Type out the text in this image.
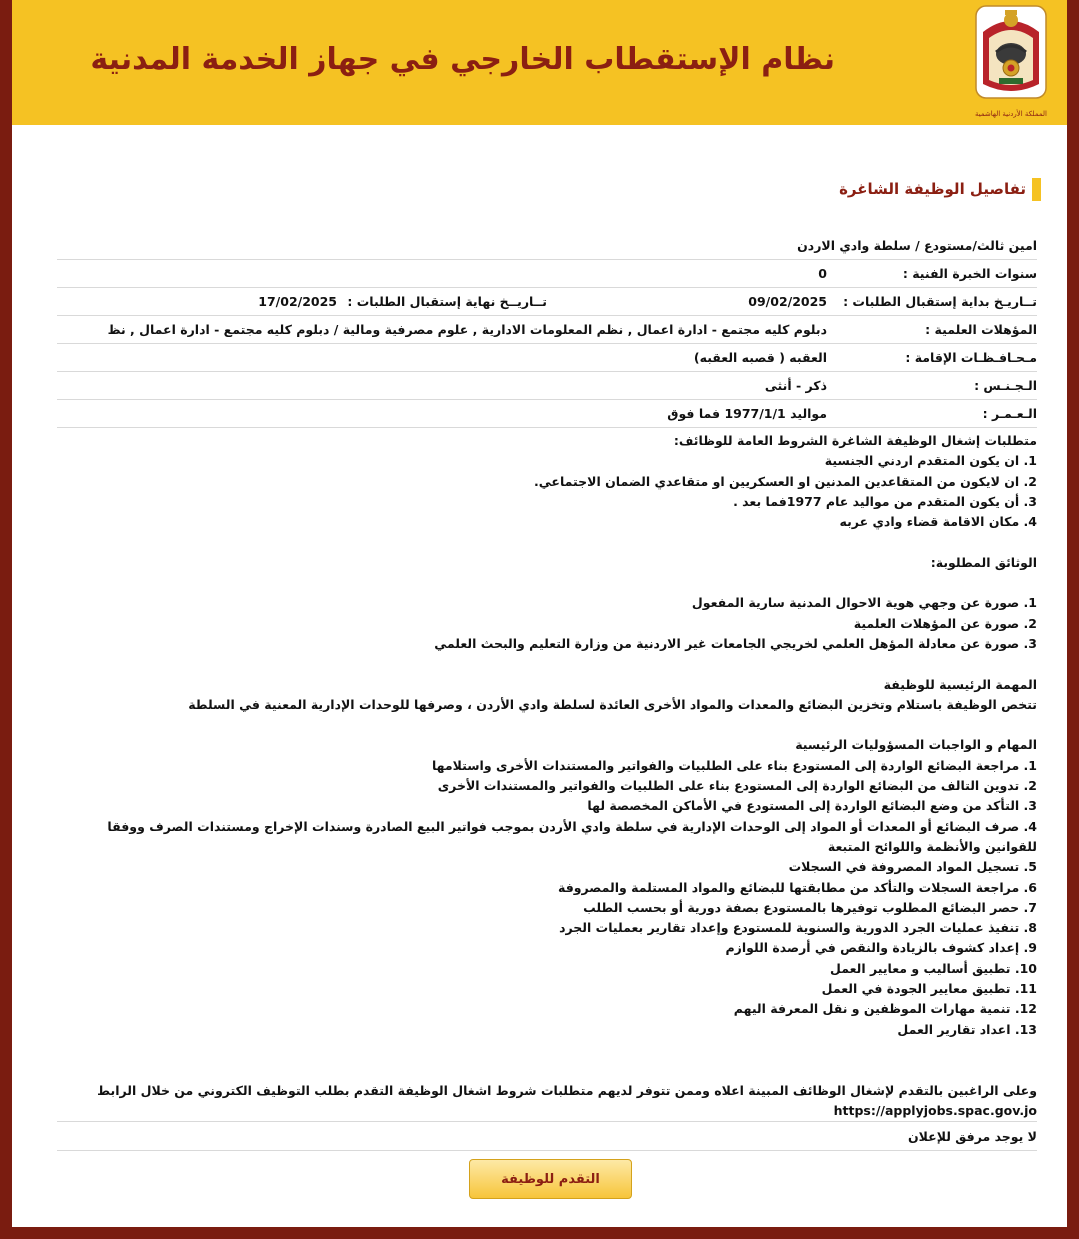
نظام الإستقطاب الخارجي في جهاز الخدمة المدنية
المملكة الأردنية الهاشمية
تفاصيل الوظيفة الشاغرة
امين ثالث/مستودع / سلطة وادي الاردن
سنوات الخبرة الفنية :
0
تــاريـخ بداية إستقبال الطلبات :
09/02/2025
تــاريــخ نهاية إستقبال الطلبات :
17/02/2025
المؤهلات العلمية :
دبلوم كليه مجتمع - ادارة اعمال , نظم المعلومات الادارية , علوم مصرفية ومالية / دبلوم كليه مجتمع - ادارة اعمال , نظ
مـحـافـظـات الإقامة :
العقبه ( قصبه العقبه)
الـجـنـس :
ذكر - أنثى
الـعـمـر :
مواليد 1977/1/1 فما فوق
متطلبات إشغال الوظيفة الشاغرة الشروط العامة للوظائف:
1. ان يكون المتقدم اردني الجنسية
2. ان لايكون من المتقاعدين المدنين او العسكريين او متقاعدي الضمان الاجتماعي.
3. أن يكون المتقدم من مواليد عام 1977فما بعد .
4. مكان الاقامة قضاء وادي عربه
الوثائق المطلوبة:
1. صورة عن وجهي هوية الاحوال المدنية سارية المفعول
2. صورة عن المؤهلات العلمية
3. صورة عن معادلة المؤهل العلمي لخريجي الجامعات غير الاردنية من وزارة التعليم والبحث العلمي
المهمة الرئيسية للوظيفة
تتخص الوظيفة باستلام وتخزين البضائع والمعدات والمواد الأخرى العائدة لسلطة وادي الأردن ، وصرفها للوحدات الإدارية المعنية في السلطة
المهام و الواجبات المسؤوليات الرئيسية
1. مراجعة البضائع الواردة إلى المستودع بناء على الطلبيات والفواتير والمستندات الأخرى واستلامها
2. تدوين التالف من البضائع الواردة إلى المستودع بناء على الطلبيات والفواتير والمستندات الأخرى
3. التأكد من وضع البضائع الواردة إلى المستودع في الأماكن المخصصة لها
4. صرف البضائع أو المعدات أو المواد إلى الوحدات الإدارية في سلطة وادي الأردن بموجب فواتير البيع الصادرة وسندات الإخراج ومستندات الصرف ووفقا للقوانين والأنظمة واللوائح المتبعة
5. تسجيل المواد المصروفة في السجلات
6. مراجعة السجلات والتأكد من مطابقتها للبضائع والمواد المستلمة والمصروفة
7. حصر البضائع المطلوب توفيرها بالمستودع بصفة دورية أو بحسب الطلب
8. تنفيذ عمليات الجرد الدورية والسنوية للمستودع وإعداد تقارير بعمليات الجرد
9. إعداد كشوف بالزيادة والنقص في أرصدة اللوازم
10. تطبيق أساليب و معايير العمل
11. تطبيق معايير الجودة في العمل
12. تنمية مهارات الموظفين و نقل المعرفة اليهم
13. اعداد تقارير العمل
وعلى الراغبين بالتقدم لإشغال الوظائف المبينة اعلاه وممن تتوفر لديهم متطلبات شروط اشغال الوظيفة التقدم بطلب التوظيف الكتروني من خلال الرابط
https://applyjobs.spac.gov.jo
لا يوجد مرفق للإعلان
التقدم للوظيفة
